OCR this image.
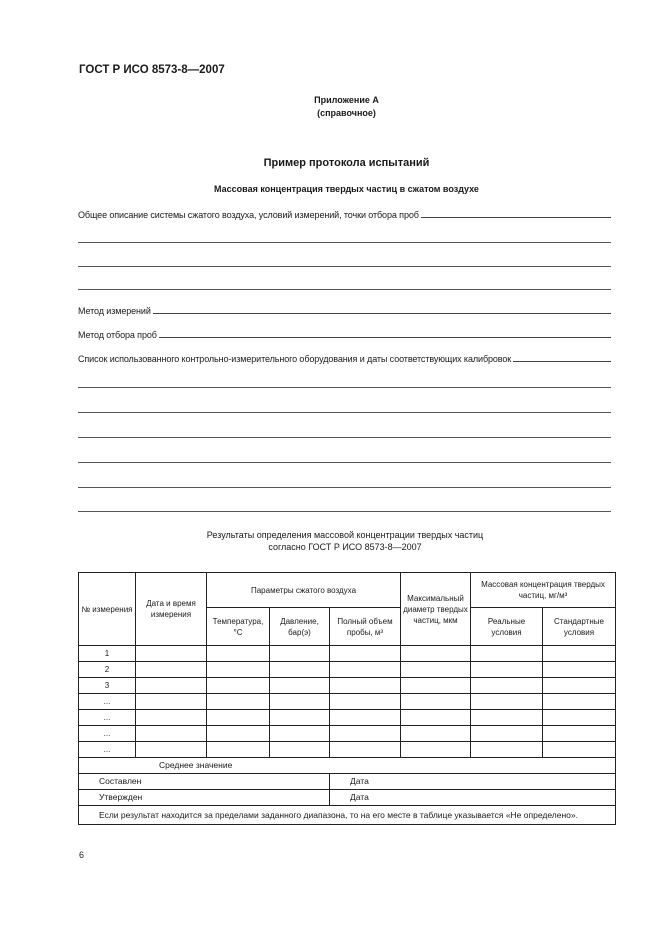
ГОСТ Р ИСО 8573-8—2007
Приложение А
(справочное)
Пример протокола испытаний
Массовая концентрация твердых частиц в сжатом воздухе
Общее описание системы сжатого воздуха, условий измерений, точки отбора проб
Метод измерений
Метод отбора проб
Список использованного контрольно-измерительного оборудования и даты соответствующих калибровок
Результаты определения массовой концентрации твердых частиц
согласно ГОСТ Р ИСО 8573-8—2007
№ измерения	Дата и время измерения	Параметры сжатого воздуха			Максимальный диаметр твердых частиц, мкм	Массовая концентрация твердых частиц, мг/м³	
		Температура, °С	Давление, бар(э)	Полный объем пробы, м³		Реальные условия	Стандартные условия
1							
2							
3							
...							
...							
...							
...							
Среднее значение							
Составлен				Дата			
Утвержден				Дата			
Если результат находится за пределами заданного диапазона, то на его месте в таблице указывается «Не определено».							
6
